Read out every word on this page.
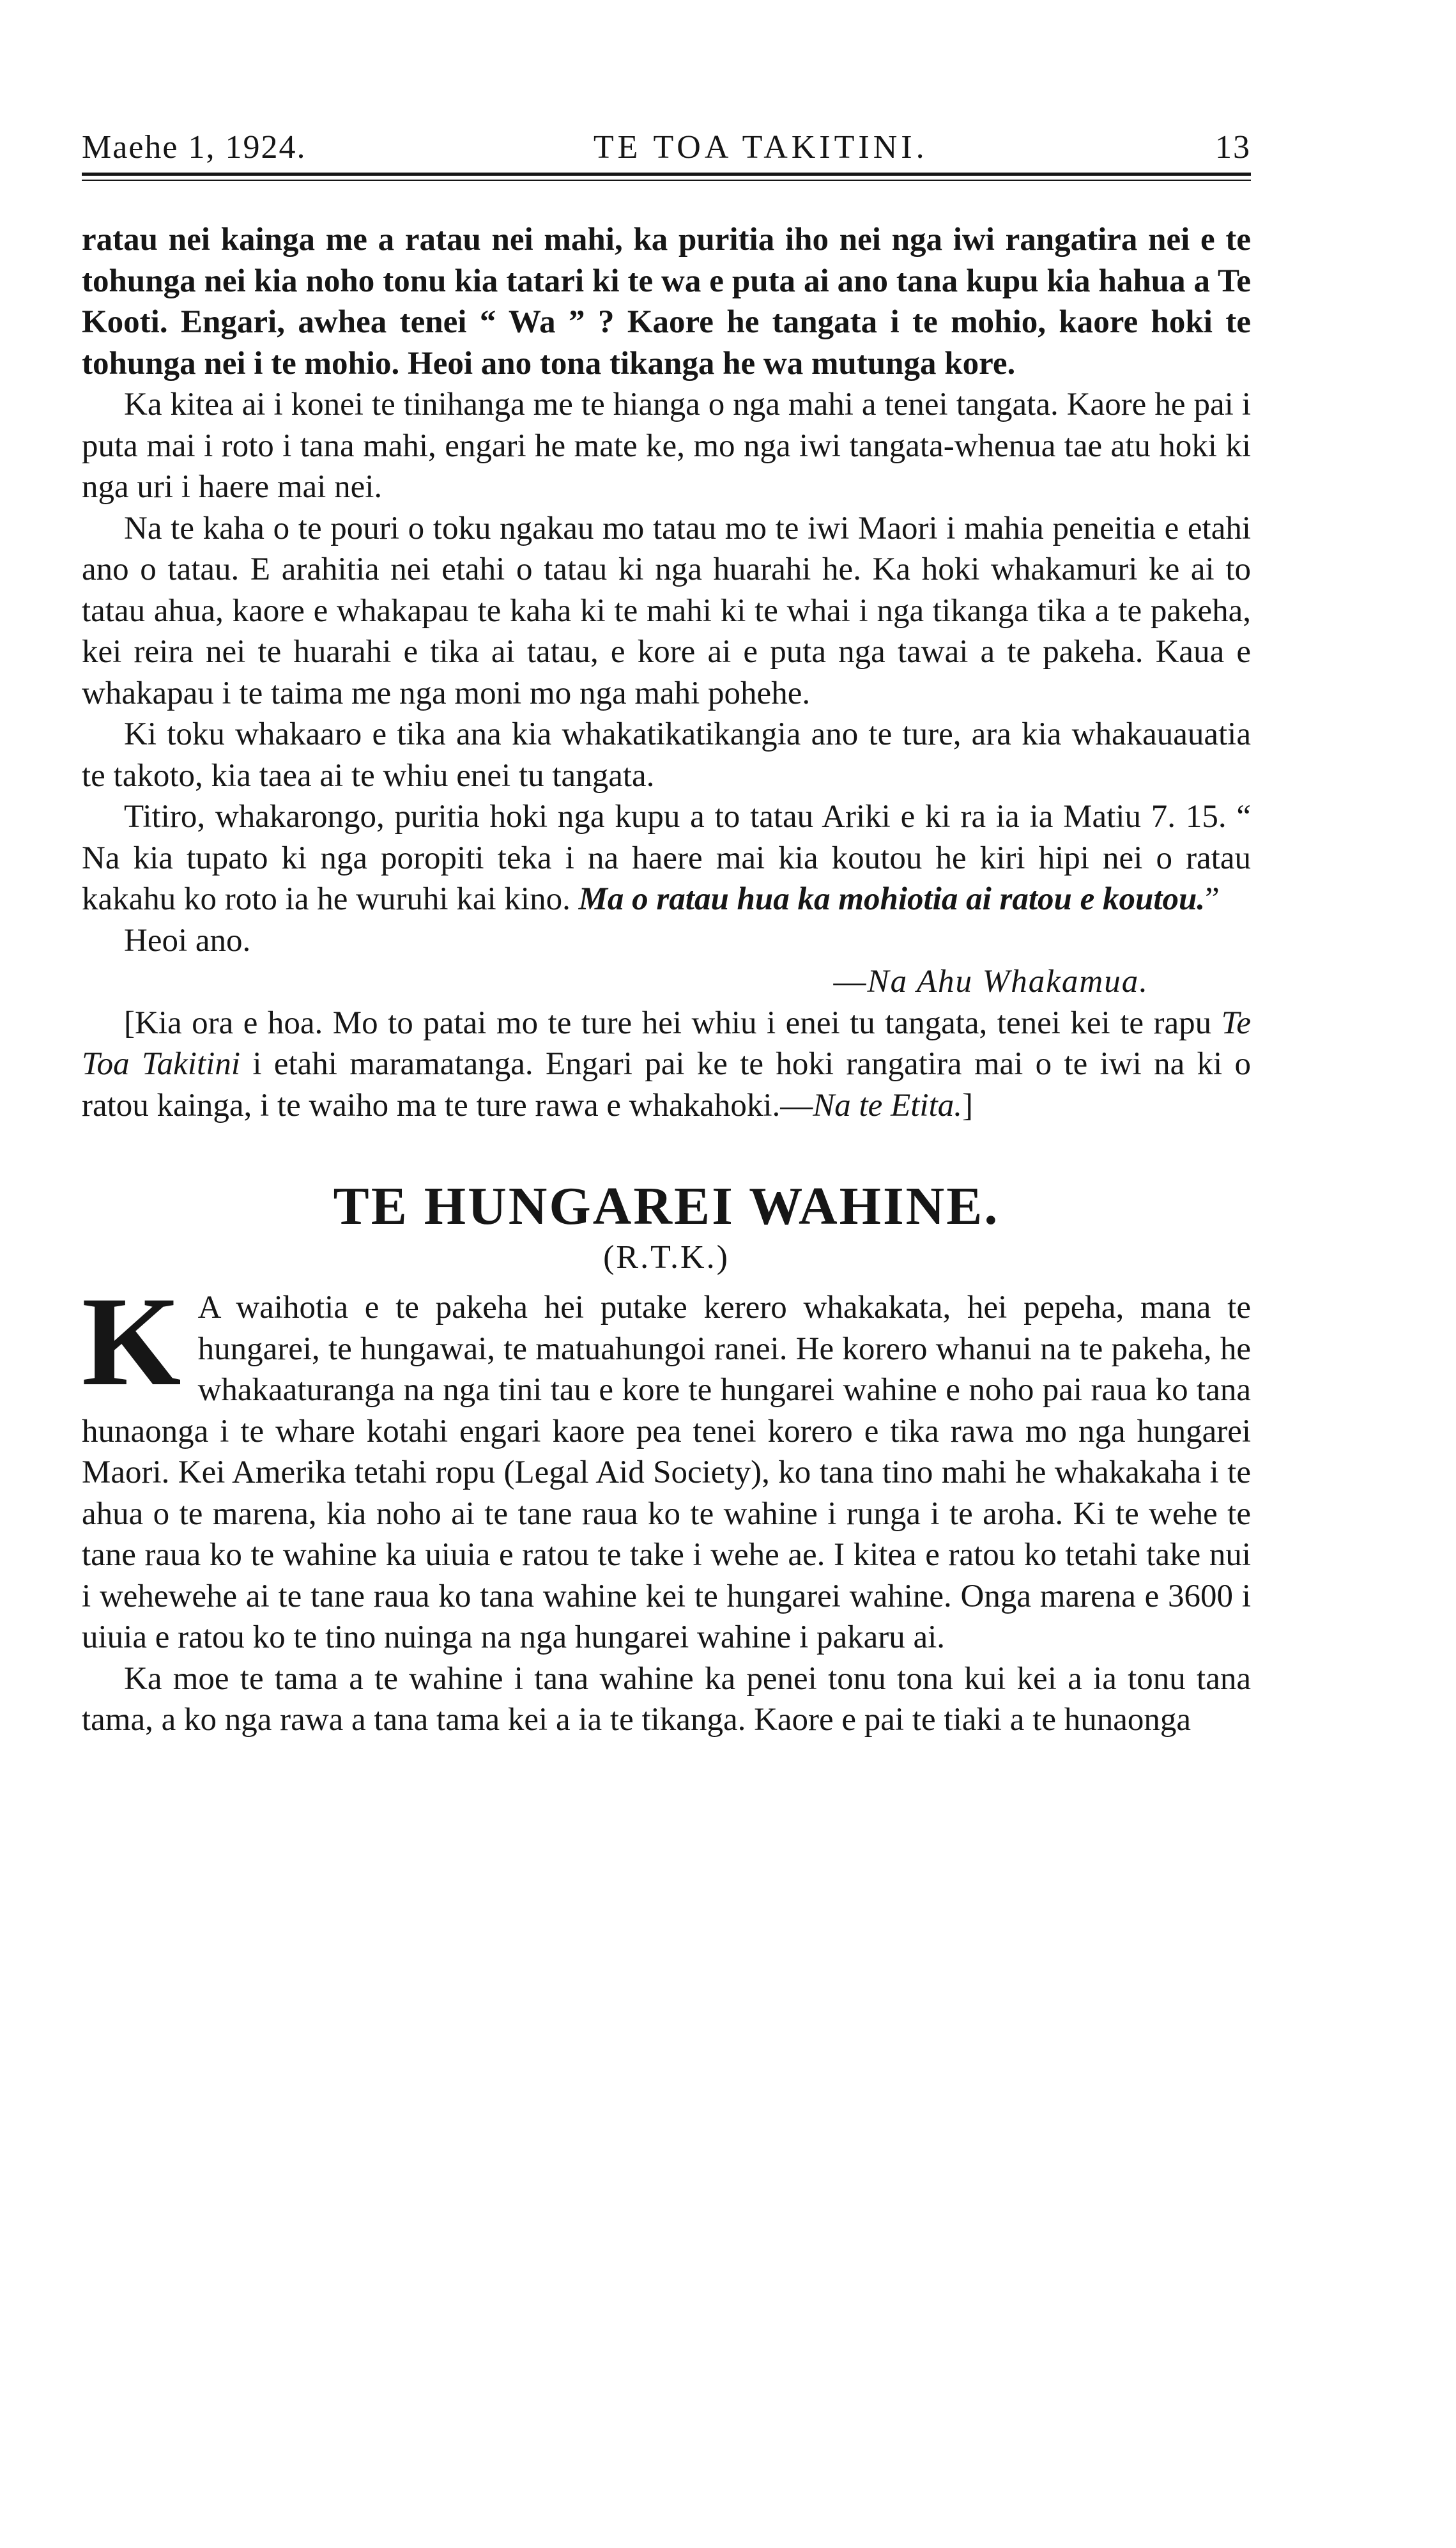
Maehe 1, 1924.	TE TOA TAKITINI.	13

ratau nei kainga me a ratau nei mahi, ka puritia iho nei nga iwi rangatira nei e te tohunga nei kia noho tonu kia tatari ki te wa e puta ai ano tana kupu kia hahua a Te Kooti. Engari, awhea tenei “ Wa ” ? Kaore he tangata i te mohio, kaore hoki te tohunga nei i te mohio. Heoi ano tona tikanga he wa mutunga kore.

Ka kitea ai i konei te tinihanga me te hianga o nga mahi a tenei tangata. Kaore he pai i puta mai i roto i tana mahi, engari he mate ke, mo nga iwi tangata-whenua tae atu hoki ki nga uri i haere mai nei.

Na te kaha o te pouri o toku ngakau mo tatau mo te iwi Maori i mahia peneitia e etahi ano o tatau. E arahitia nei etahi o tatau ki nga huarahi he. Ka hoki whakamuri ke ai to tatau ahua, kaore e whakapau te kaha ki te mahi ki te whai i nga tikanga tika a te pakeha, kei reira nei te huarahi e tika ai tatau, e kore ai e puta nga tawai a te pakeha. Kaua e whakapau i te taima me nga moni mo nga mahi pohehe.

Ki toku whakaaro e tika ana kia whakatikatikangia ano te ture, ara kia whakauauatia te takoto, kia taea ai te whiu enei tu tangata.

Titiro, whakarongo, puritia hoki nga kupu a to tatau Ariki e ki ra ia ia Matiu 7. 15. “ Na kia tupato ki nga poropiti teka i na haere mai kia koutou he kiri hipi nei o ratau kakahu ko roto ia he wuruhi kai kino. Ma o ratau hua ka mohiotia ai ratou e koutou.”

Heoi ano.

—Na Ahu Whakamua.

[Kia ora e hoa. Mo to patai mo te ture hei whiu i enei tu tangata, tenei kei te rapu Te Toa Takitini i etahi maramatanga. Engari pai ke te hoki rangatira mai o te iwi na ki o ratou kainga, i te waiho ma te ture rawa e whakahoki.—Na te Etita.]

TE HUNGAREI WAHINE.
(R.T.K.)

K A waihotia e te pakeha hei putake kerero whakakata, hei pepeha, mana te hungarei, te hungawai, te matuahungoi ranei. He korero whanui na te pakeha, he whakaaturanga na nga tini tau e kore te hungarei wahine e noho pai raua ko tana hunaonga i te whare kotahi engari kaore pea tenei korero e tika rawa mo nga hungarei Maori. Kei Amerika tetahi ropu (Legal Aid Society), ko tana tino mahi he whakakaha i te ahua o te marena, kia noho ai te tane raua ko te wahine i runga i te aroha. Ki te wehe te tane raua ko te wahine ka uiuia e ratou te take i wehe ae. I kitea e ratou ko tetahi take nui i wehewehe ai te tane raua ko tana wahine kei te hungarei wahine. Onga marena e 3600 i uiuia e ratou ko te tino nuinga na nga hungarei wahine i pakaru ai.

Ka moe te tama a te wahine i tana wahine ka penei tonu tona kui kei a ia tonu tana tama, a ko nga rawa a tana tama kei a ia te tikanga. Kaore e pai te tiaki a te hunaonga
